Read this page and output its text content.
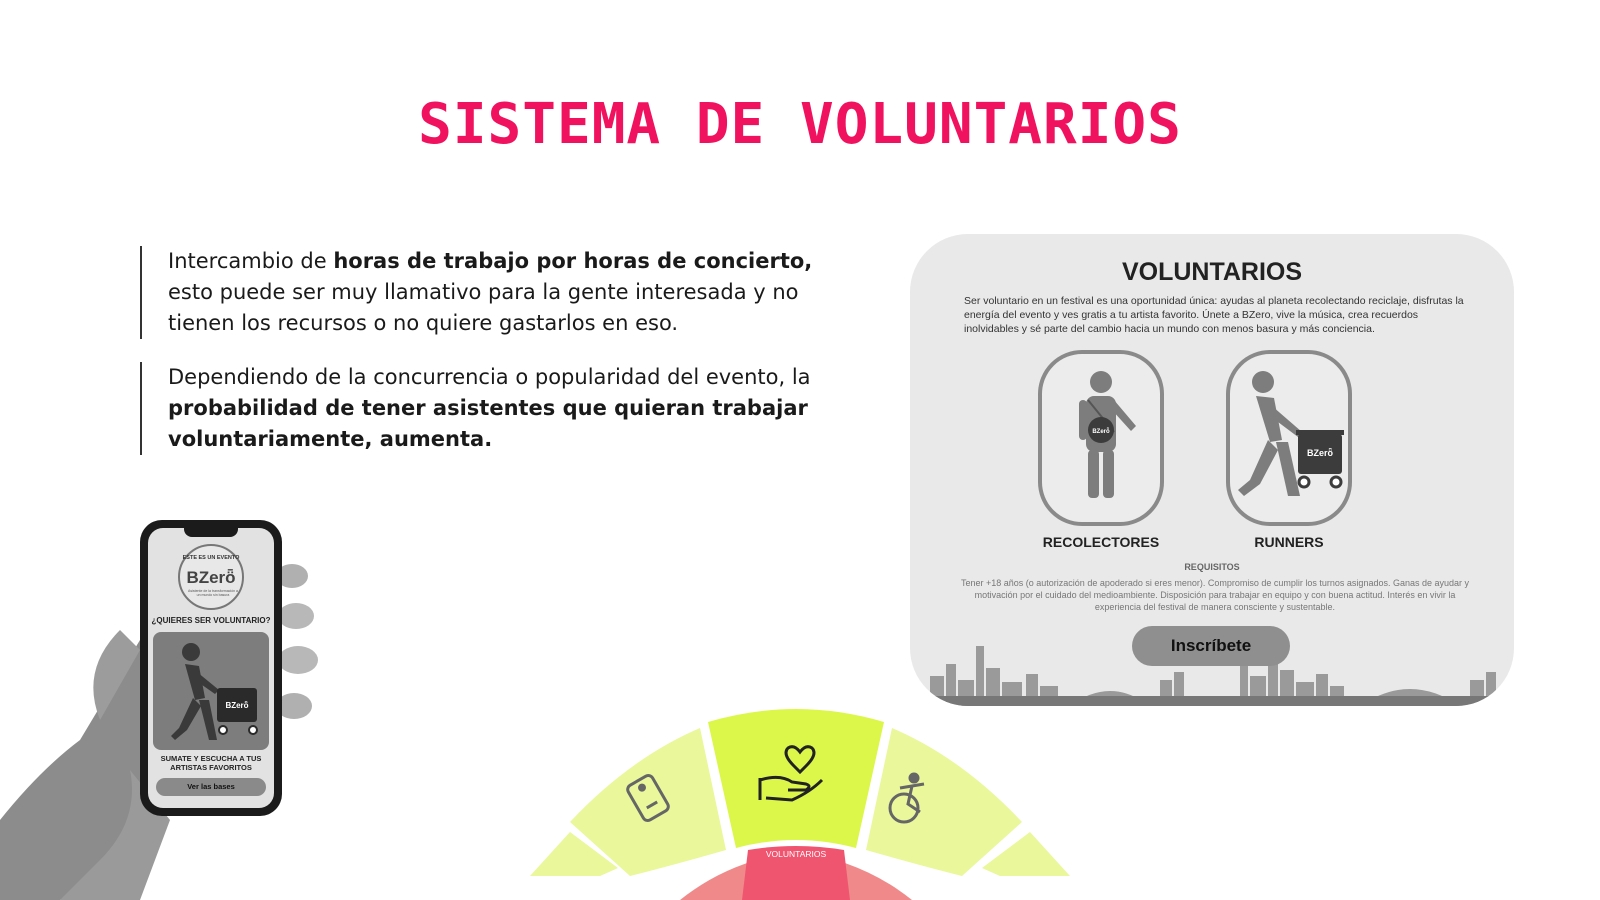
SISTEMA DE VOLUNTARIOS
Intercambio de horas de trabajo por horas de concierto, esto puede ser muy llamativo para la gente interesada y no tienen los recursos o no quiere gastarlos en eso.
Dependiendo de la concurrencia o popularidad del evento, la probabilidad de tener asistentes que quieran trabajar voluntariamente, aumenta.
VOLUNTARIOS
Ser voluntario en un festival es una oportunidad única: ayudas al planeta recolectando reciclaje, disfrutas la energía del evento y ves gratis a tu artista favorito. Únete a BZero, vive la música, crea recuerdos inolvidables y sé parte del cambio hacia un mundo con menos basura y más conciencia.
BZerȫ
BZerȫ
RECOLECTORES	RUNNERS
REQUISITOS
Tener +18 años (o autorización de apoderado si eres menor). Compromiso de cumplir los turnos asignados. Ganas de ayudar y motivación por el cuidado del medioambiente. Disposición para trabajar en equipo y con buena actitud. Interés en vivir la experiencia del festival de manera consciente y sustentable.
Inscríbete
ESTE ES UN EVENTO
BZerȫ
Asistente de la transformación a un mundo sin basura
¿QUIERES SER VOLUNTARIO?
BZerȫ
SUMATE Y ESCUCHA A TUS ARTISTAS FAVORITOS
Ver las bases
VOLUNTARIOS
ARA	RECOL
